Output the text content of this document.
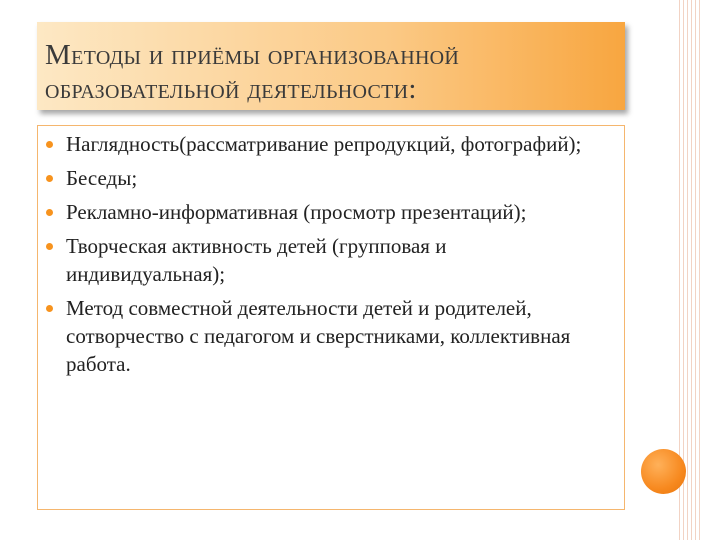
Методы и приёмы организованной
образовательной деятельности:
Наглядность(рассматривание репродукций, фотографий);
Беседы;
Рекламно-информативная (просмотр презентаций);
Творческая активность детей (групповая и индивидуальная);
Метод совместной деятельности детей и родителей, сотворчество с педагогом и сверстниками, коллективная работа.
